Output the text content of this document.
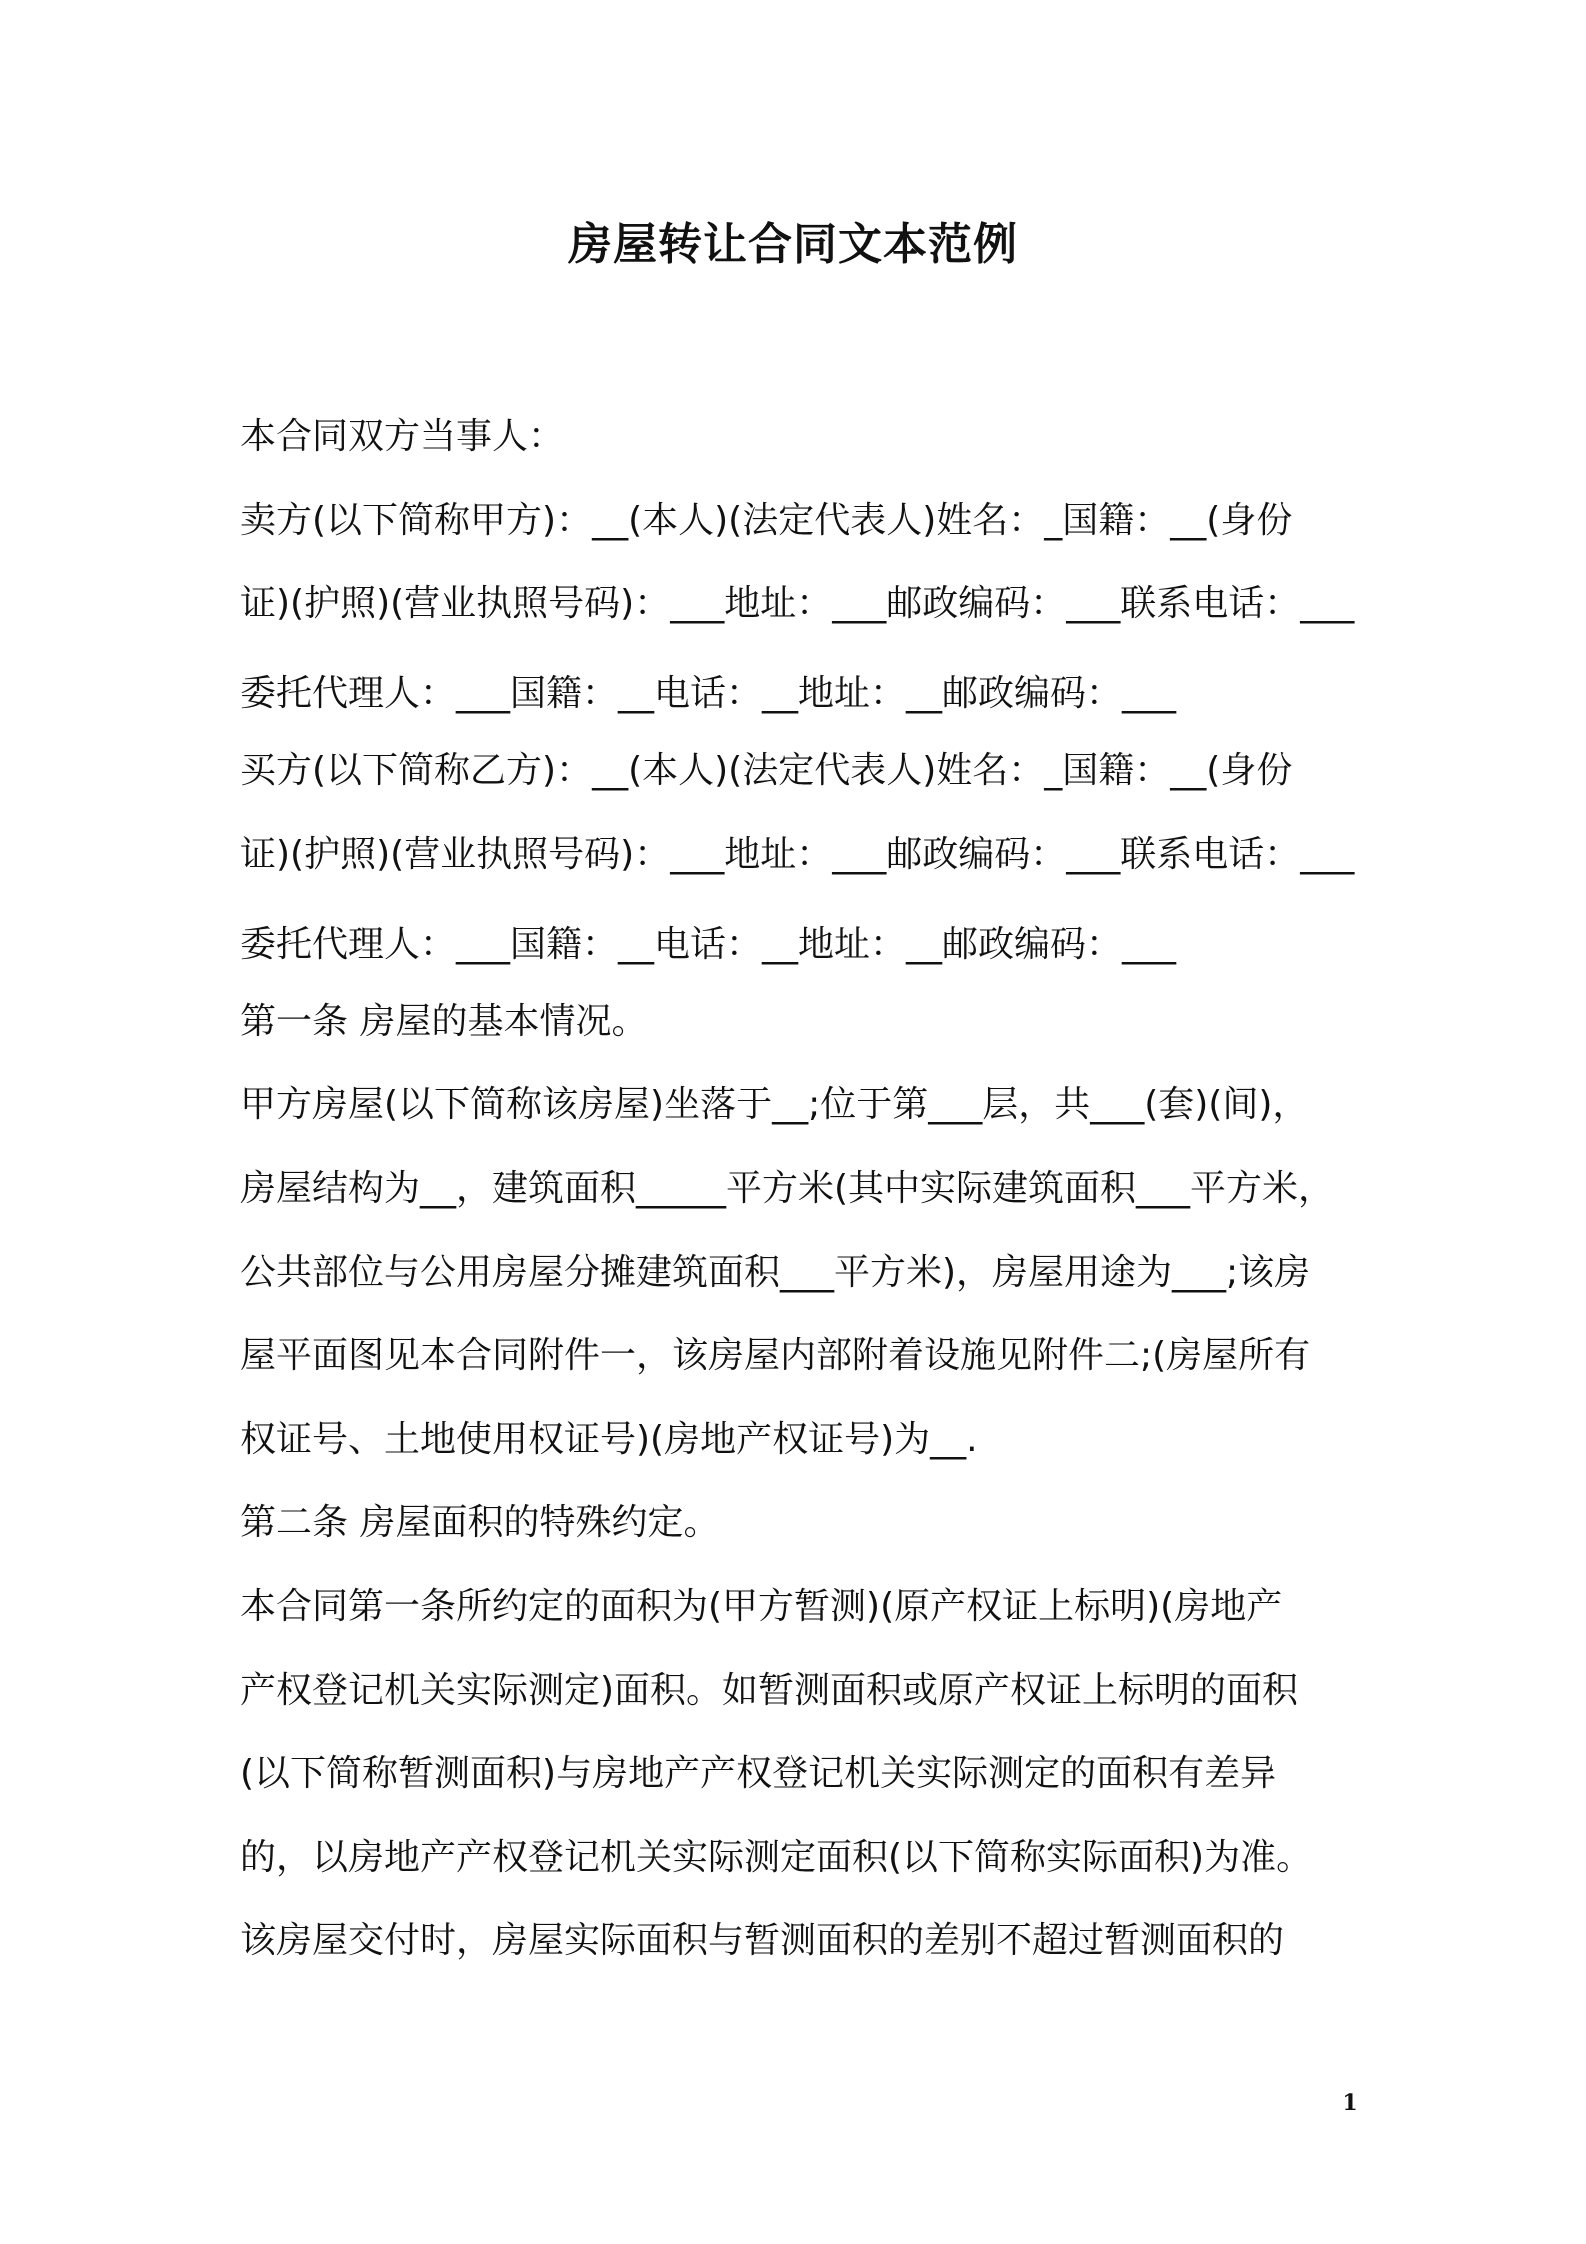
房屋转让合同文本范例
本合同双方当事人：
卖方(以下简称甲方)：__(本人)(法定代表人)姓名：_国籍：__(身份
证)(护照)(营业执照号码)：___地址：___邮政编码：___联系电话：___
委托代理人：___国籍：__电话：__地址：__邮政编码：___
买方(以下简称乙方)：__(本人)(法定代表人)姓名：_国籍：__(身份
证)(护照)(营业执照号码)：___地址：___邮政编码：___联系电话：___
委托代理人：___国籍：__电话：__地址：__邮政编码：___
第一条 房屋的基本情况。
甲方房屋(以下简称该房屋)坐落于__;位于第___层，共___(套)(间)，
房屋结构为__，建筑面积_____平方米(其中实际建筑面积___平方米，
公共部位与公用房屋分摊建筑面积___平方米)，房屋用途为___;该房
屋平面图见本合同附件一，该房屋内部附着设施见附件二;(房屋所有
权证号、土地使用权证号)(房地产权证号)为__.
第二条 房屋面积的特殊约定。
本合同第一条所约定的面积为(甲方暂测)(原产权证上标明)(房地产
产权登记机关实际测定)面积。如暂测面积或原产权证上标明的面积
(以下简称暂测面积)与房地产产权登记机关实际测定的面积有差异
的，以房地产产权登记机关实际测定面积(以下简称实际面积)为准。
该房屋交付时，房屋实际面积与暂测面积的差别不超过暂测面积的
1
